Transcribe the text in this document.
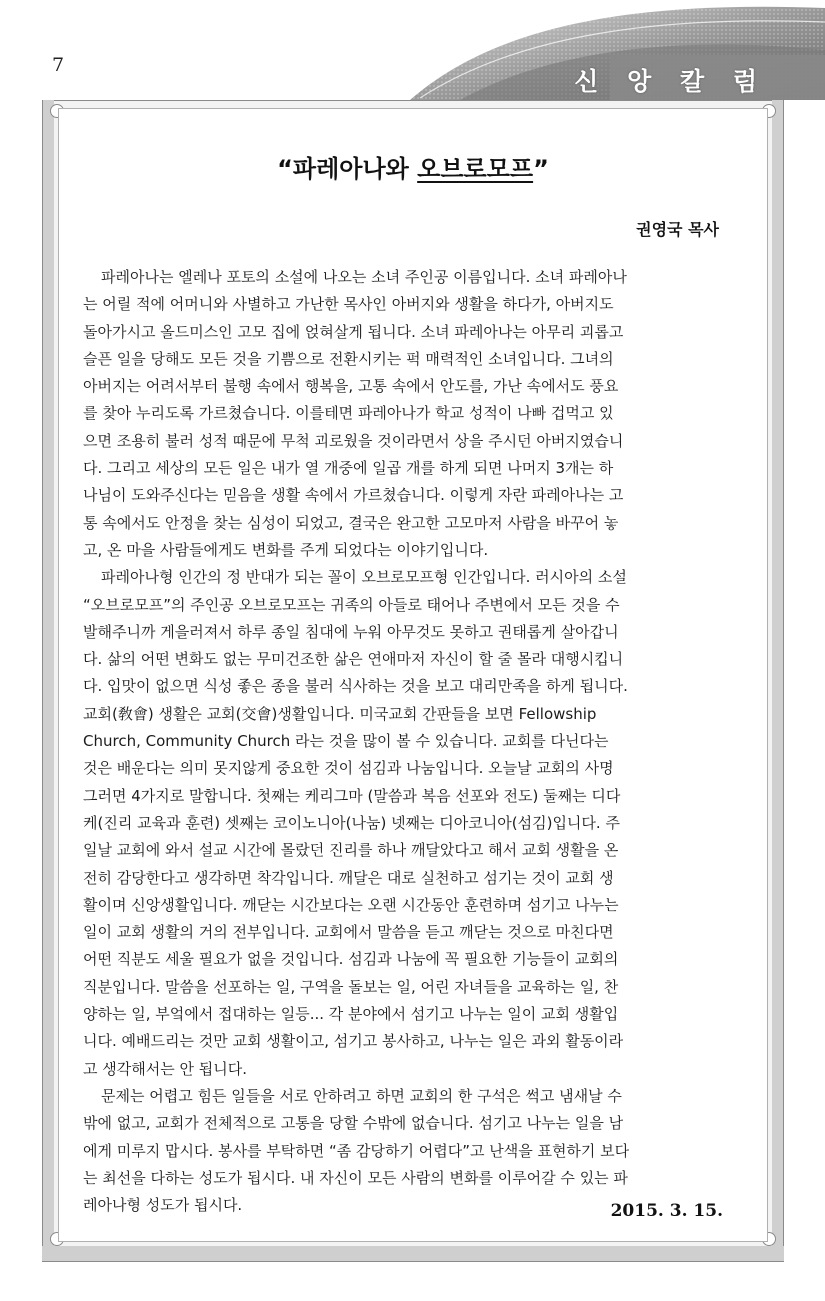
7
신 앙 칼 럼
“파레아나와 오브로모프”
권영국 목사
파레아나는 엘레나 포토의 소설에 나오는 소녀 주인공 이름입니다. 소녀 파레아나
는 어릴 적에 어머니와 사별하고 가난한 목사인 아버지와 생활을 하다가, 아버지도
돌아가시고 올드미스인 고모 집에 얹혀살게 됩니다. 소녀 파레아나는 아무리 괴롭고
슬픈 일을 당해도 모든 것을 기쁨으로 전환시키는 퍽 매력적인 소녀입니다. 그녀의
아버지는 어려서부터 불행 속에서 행복을, 고통 속에서 안도를, 가난 속에서도 풍요
를 찾아 누리도록 가르쳤습니다. 이를테면 파레아나가 학교 성적이 나빠 겁먹고 있
으면 조용히 불러 성적 때문에 무척 괴로웠을 것이라면서 상을 주시던 아버지였습니
다. 그리고 세상의 모든 일은 내가 열 개중에 일곱 개를 하게 되면 나머지 3개는 하
나님이 도와주신다는 믿음을 생활 속에서 가르쳤습니다. 이렇게 자란 파레아나는 고
통 속에서도 안정을 찾는 심성이 되었고, 결국은 완고한 고모마저 사람을 바꾸어 놓
고, 온 마을 사람들에게도 변화를 주게 되었다는 이야기입니다.
파레아나형 인간의 정 반대가 되는 꼴이 오브로모프형 인간입니다. 러시아의 소설
“오브로모프”의 주인공 오브로모프는 귀족의 아들로 태어나 주변에서 모든 것을 수
발해주니까 게을러져서 하루 종일 침대에 누워 아무것도 못하고 권태롭게 살아갑니
다. 삶의 어떤 변화도 없는 무미건조한 삶은 연애마저 자신이 할 줄 몰라 대행시킵니
다. 입맛이 없으면 식성 좋은 종을 불러 식사하는 것을 보고 대리만족을 하게 됩니다.
교회(敎會) 생활은 교회(交會)생활입니다. 미국교회 간판들을 보면 Fellowship
Church, Community Church 라는 것을 많이 볼 수 있습니다. 교회를 다닌다는
것은 배운다는 의미 못지않게 중요한 것이 섬김과 나눔입니다. 오늘날 교회의 사명
그러면 4가지로 말합니다. 첫째는 케리그마 (말씀과 복음 선포와 전도) 둘째는 디다
케(진리 교육과 훈련) 셋째는 코이노니아(나눔) 넷째는 디아코니아(섬김)입니다. 주
일날 교회에 와서 설교 시간에 몰랐던 진리를 하나 깨달았다고 해서 교회 생활을 온
전히 감당한다고 생각하면 착각입니다. 깨달은 대로 실천하고 섬기는 것이 교회 생
활이며 신앙생활입니다. 깨닫는 시간보다는 오랜 시간동안 훈련하며 섬기고 나누는
일이 교회 생활의 거의 전부입니다. 교회에서 말씀을 듣고 깨닫는 것으로 마친다면
어떤 직분도 세울 필요가 없을 것입니다. 섬김과 나눔에 꼭 필요한 기능들이 교회의
직분입니다. 말씀을 선포하는 일, 구역을 돌보는 일, 어린 자녀들을 교육하는 일, 찬
양하는 일, 부엌에서 접대하는 일등... 각 분야에서 섬기고 나누는 일이 교회 생활입
니다. 예배드리는 것만 교회 생활이고, 섬기고 봉사하고, 나누는 일은 과외 활동이라
고 생각해서는 안 됩니다.
문제는 어렵고 힘든 일들을 서로 안하려고 하면 교회의 한 구석은 썩고 냄새날 수
밖에 없고, 교회가 전체적으로 고통을 당할 수밖에 없습니다. 섬기고 나누는 일을 남
에게 미루지 맙시다. 봉사를 부탁하면 “좀 감당하기 어렵다”고 난색을 표현하기 보다
는 최선을 다하는 성도가 됩시다. 내 자신이 모든 사람의 변화를 이루어갈 수 있는 파
레아나형 성도가 됩시다.	2015. 3. 15.
